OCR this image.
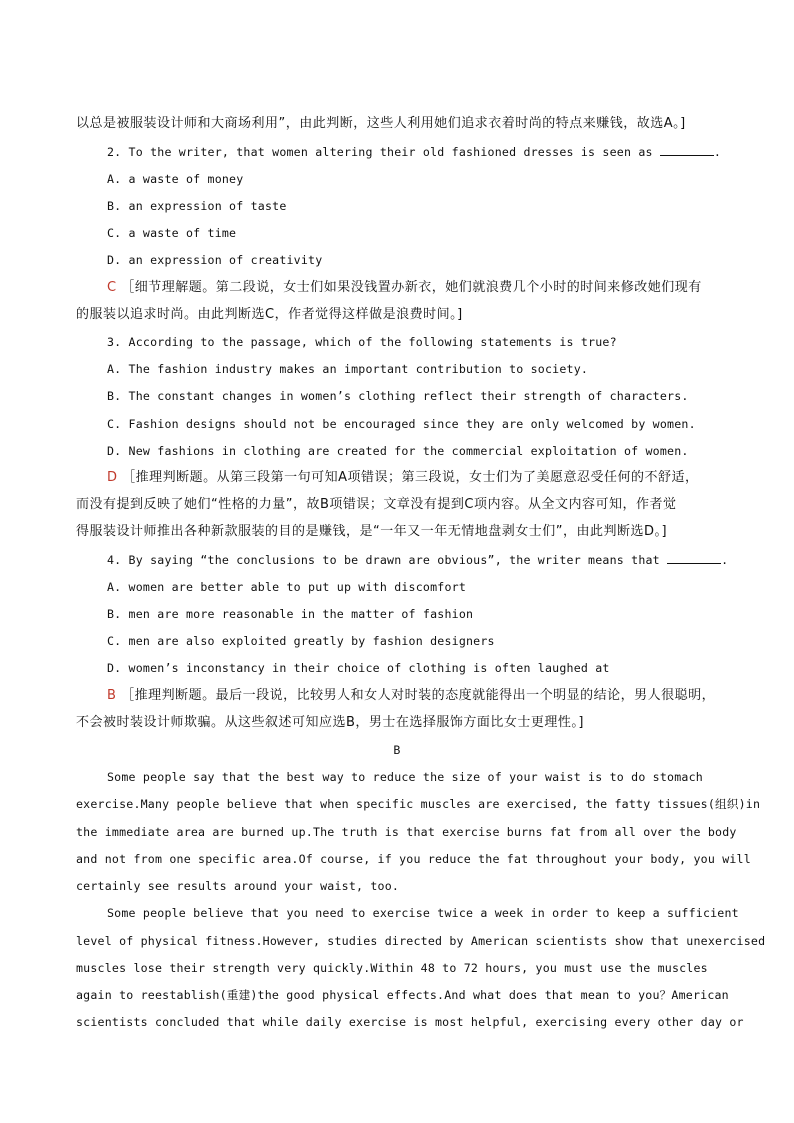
以总是被服装设计师和大商场利用”，由此判断，这些人利用她们追求衣着时尚的特点来赚钱，故选A。]
2. To the writer, that women altering their old fashioned dresses is seen as	.
A. a waste of money
B. an expression of taste
C. a waste of time
D. an expression of creativity
C ［细节理解题。第二段说，女士们如果没钱置办新衣，她们就浪费几个小时的时间来修改她们现有
的服装以追求时尚。由此判断选C，作者觉得这样做是浪费时间。]
3. According to the passage, which of the following statements is true?
A. The fashion industry makes an important contribution to society.
B. The constant changes in women’s clothing reflect their strength of characters.
C. Fashion designs should not be encouraged since they are only welcomed by women.
D. New fashions in clothing are created for the commercial exploitation of women.
D ［推理判断题。从第三段第一句可知A项错误；第三段说，女士们为了美愿意忍受任何的不舒适，
而没有提到反映了她们“性格的力量”，故B项错误；文章没有提到C项内容。从全文内容可知，作者觉
得服装设计师推出各种新款服装的目的是赚钱，是“一年又一年无情地盘剥女士们”，由此判断选D。]
4. By saying “the conclusions to be drawn are obvious”, the writer means that	.
A. women are better able to put up with discomfort
B. men are more reasonable in the matter of fashion
C. men are also exploited greatly by fashion designers
D. women’s inconstancy in their choice of clothing is often laughed at
B ［推理判断题。最后一段说，比较男人和女人对时装的态度就能得出一个明显的结论，男人很聪明，
不会被时装设计师欺骗。从这些叙述可知应选B，男士在选择服饰方面比女士更理性。]
B
Some people say that the best way to reduce the size of your waist is to do stomach
exercise.Many people believe that when specific muscles are exercised, the fatty tissues(组织)in
the immediate area are burned up.The truth is that exercise burns fat from all over the body
and not from one specific area.Of course, if you reduce the fat throughout your body, you will
certainly see results around your waist, too.
Some people believe that you need to exercise twice a week in order to keep a sufficient
level of physical fitness.However, studies directed by American scientists show that unexercised
muscles lose their strength very quickly.Within 48 to 72 hours, you must use the muscles
again to reestablish(重建)the good physical effects.And what does that mean to you？American
scientists concluded that while daily exercise is most helpful, exercising every other day or
